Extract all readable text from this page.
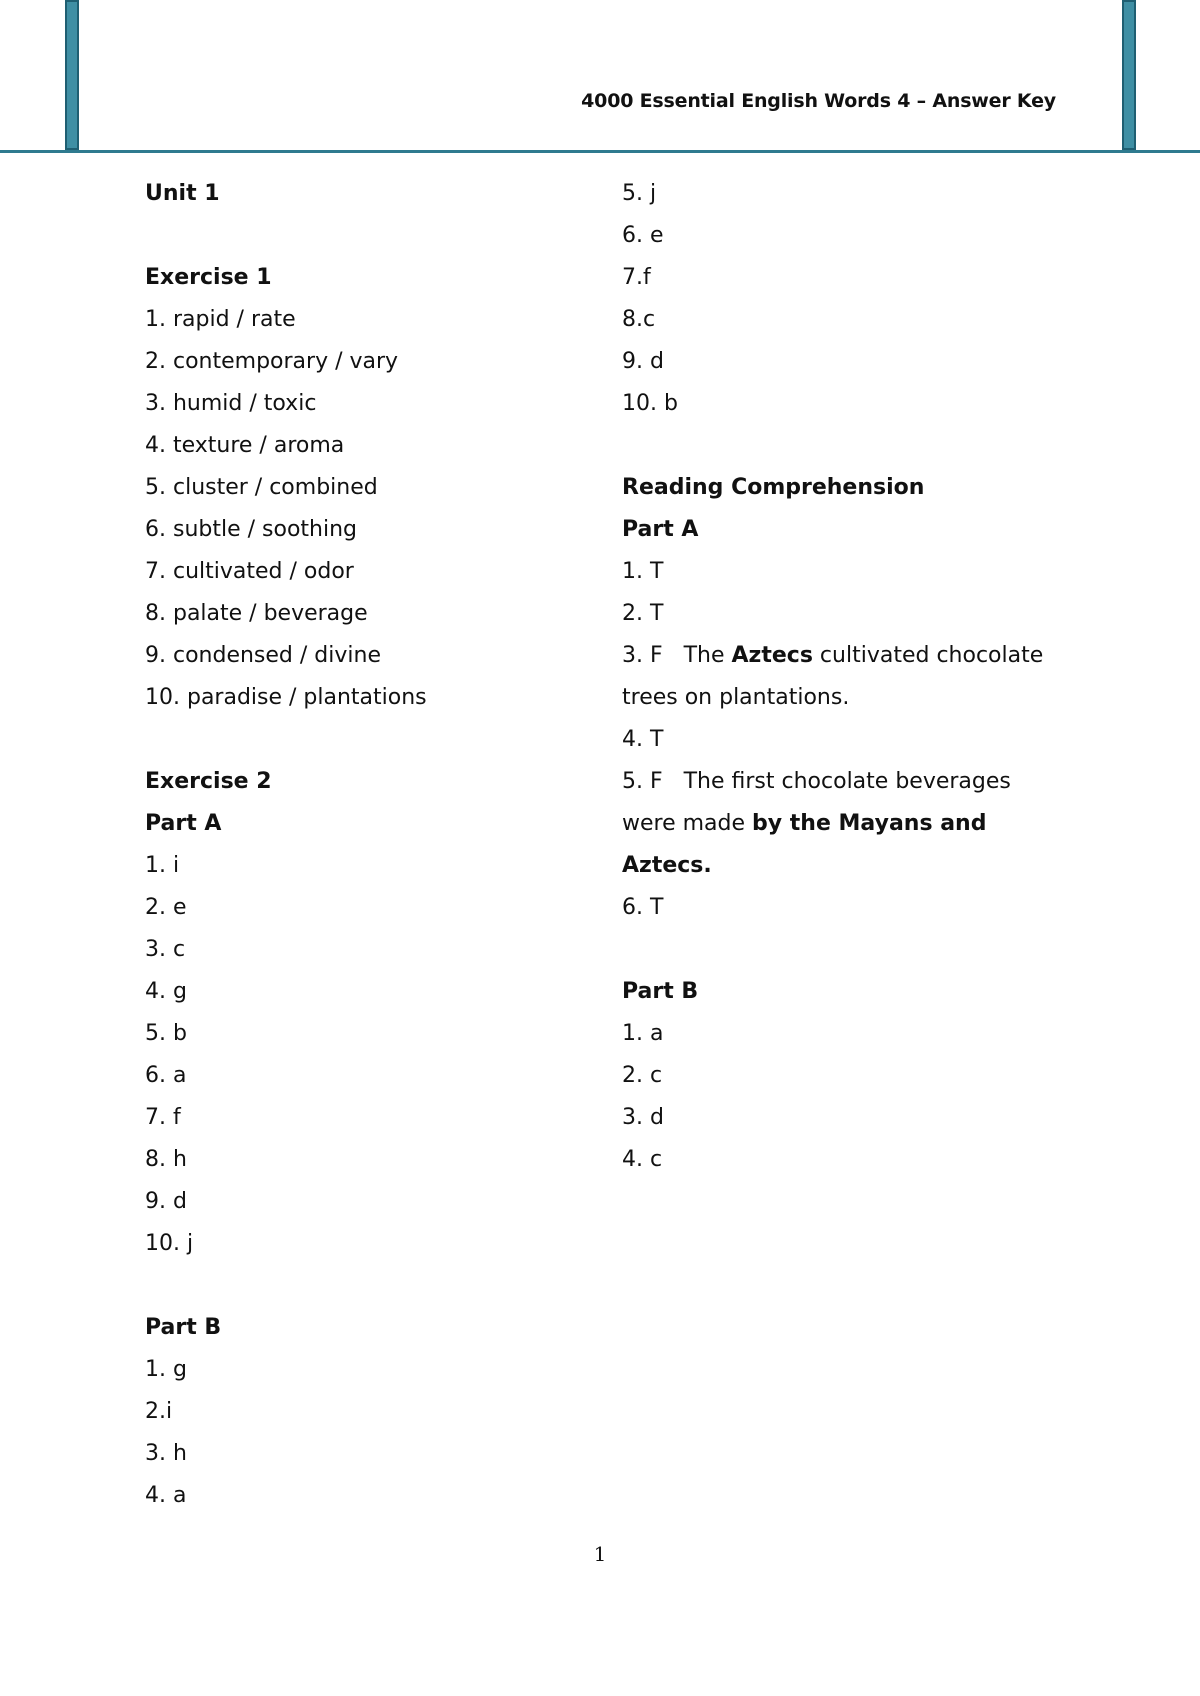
4000 Essential English Words 4 – Answer Key
Unit 1
Exercise 1
1. rapid / rate
2. contemporary / vary
3. humid / toxic
4. texture / aroma
5. cluster / combined
6. subtle / soothing
7. cultivated / odor
8. palate / beverage
9. condensed / divine
10. paradise / plantations
Exercise 2
Part A
1. i
2. e
3. c
4. g
5. b
6. a
7. f
8. h
9. d
10. j
Part B
1. g
2.i
3. h
4. a
5. j
6. e
7.f
8.c
9. d
10. b
Reading Comprehension
Part A
1. T
2. T
3. F   The Aztecs cultivated chocolate
trees on plantations.
4. T
5. F   The first chocolate beverages
were made by the Mayans and
Aztecs.
6. T
Part B
1. a
2. c
3. d
4. c
1
